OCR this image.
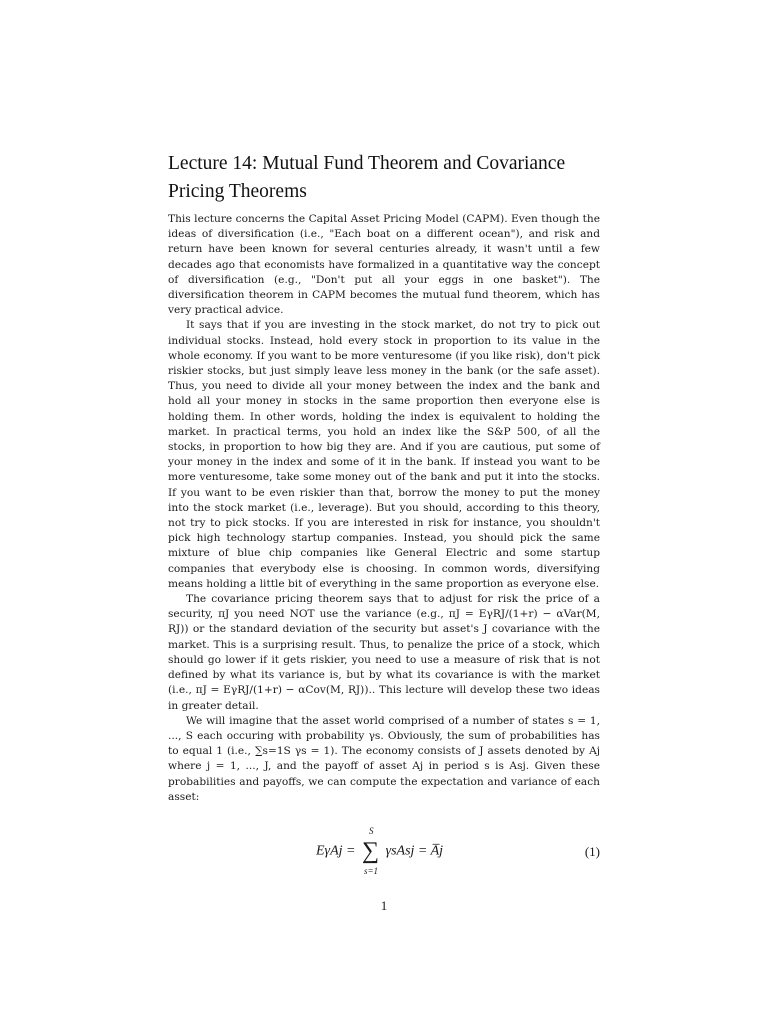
Lecture 14: Mutual Fund Theorem and Covariance Pricing Theorems

This lecture concerns the Capital Asset Pricing Model (CAPM). Even though the ideas of diversification (i.e., "Each boat on a different ocean"), and risk and return have been known for several centuries already, it wasn't until a few decades ago that economists have formalized in a quantitative way the concept of diversification (e.g., "Don't put all your eggs in one basket"). The diversification theorem in CAPM becomes the mutual fund theorem, which has very practical advice.

It says that if you are investing in the stock market, do not try to pick out individual stocks. Instead, hold every stock in proportion to its value in the whole economy. If you want to be more venturesome (if you like risk), don't pick riskier stocks, but just simply leave less money in the bank (or the safe asset). Thus, you need to divide all your money between the index and the bank and hold all your money in stocks in the same proportion then everyone else is holding them. In other words, holding the index is equivalent to holding the market. In practical terms, you hold an index like the S&P 500, of all the stocks, in proportion to how big they are. And if you are cautious, put some of your money in the index and some of it in the bank. If instead you want to be more venturesome, take some money out of the bank and put it into the stocks. If you want to be even riskier than that, borrow the money to put the money into the stock market (i.e., leverage). But you should, according to this theory, not try to pick stocks. If you are interested in risk for instance, you shouldn't pick high technology startup companies. Instead, you should pick the same mixture of blue chip companies like General Electric and some startup companies that everybody else is choosing. In common words, diversifying means holding a little bit of everything in the same proportion as everyone else.

The covariance pricing theorem says that to adjust for risk the price of a security, πJ you need NOT use the variance (e.g., πJ = EγRJ/(1+r) − αVar(M, RJ)) or the standard deviation of the security but asset's J covariance with the market. This is a surprising result. Thus, to penalize the price of a stock, which should go lower if it gets riskier, you need to use a measure of risk that is not defined by what its variance is, but by what its covariance is with the market (i.e., πJ = EγRJ/(1+r) − αCov(M, RJ)).. This lecture will develop these two ideas in greater detail.

We will imagine that the asset world comprised of a number of states s = 1, ..., S each occuring with probability γs. Obviously, the sum of probabilities has to equal 1 (i.e., ∑s=1S γs = 1). The economy consists of J assets denoted by Aj where j = 1, ..., J, and the payoff of asset Aj in period s is Asj. Given these probabilities and payoffs, we can compute the expectation and variance of each asset:

EγAj = ∑
S
s=1
γsAsj = A̅j	(1)
1
